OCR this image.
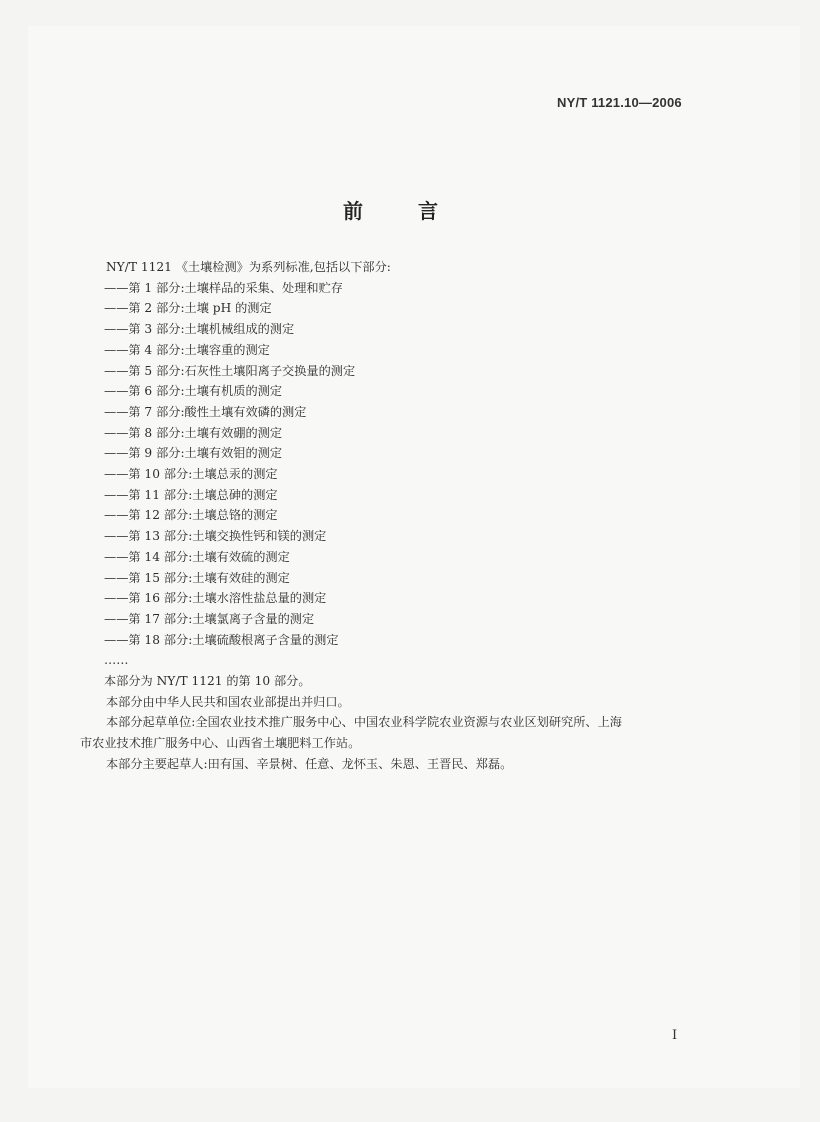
NY/T 1121.10—2006
前	言
NY/T 1121 《土壤检测》为系列标准,包括以下部分:
——第 1 部分:土壤样品的采集、处理和贮存
——第 2 部分:土壤 pH 的测定
——第 3 部分:土壤机械组成的测定
——第 4 部分:土壤容重的测定
——第 5 部分:石灰性土壤阳离子交换量的测定
——第 6 部分:土壤有机质的测定
——第 7 部分:酸性土壤有效磷的测定
——第 8 部分:土壤有效硼的测定
——第 9 部分:土壤有效钼的测定
——第 10 部分:土壤总汞的测定
——第 11 部分:土壤总砷的测定
——第 12 部分:土壤总铬的测定
——第 13 部分:土壤交换性钙和镁的测定
——第 14 部分:土壤有效硫的测定
——第 15 部分:土壤有效硅的测定
——第 16 部分:土壤水溶性盐总量的测定
——第 17 部分:土壤氯离子含量的测定
——第 18 部分:土壤硫酸根离子含量的测定
……
本部分为 NY/T 1121 的第 10 部分。
本部分由中华人民共和国农业部提出并归口。
本部分起草单位:全国农业技术推广服务中心、中国农业科学院农业资源与农业区划研究所、上海
市农业技术推广服务中心、山西省土壤肥料工作站。
本部分主要起草人:田有国、辛景树、任意、龙怀玉、朱恩、王晋民、郑磊。
I
